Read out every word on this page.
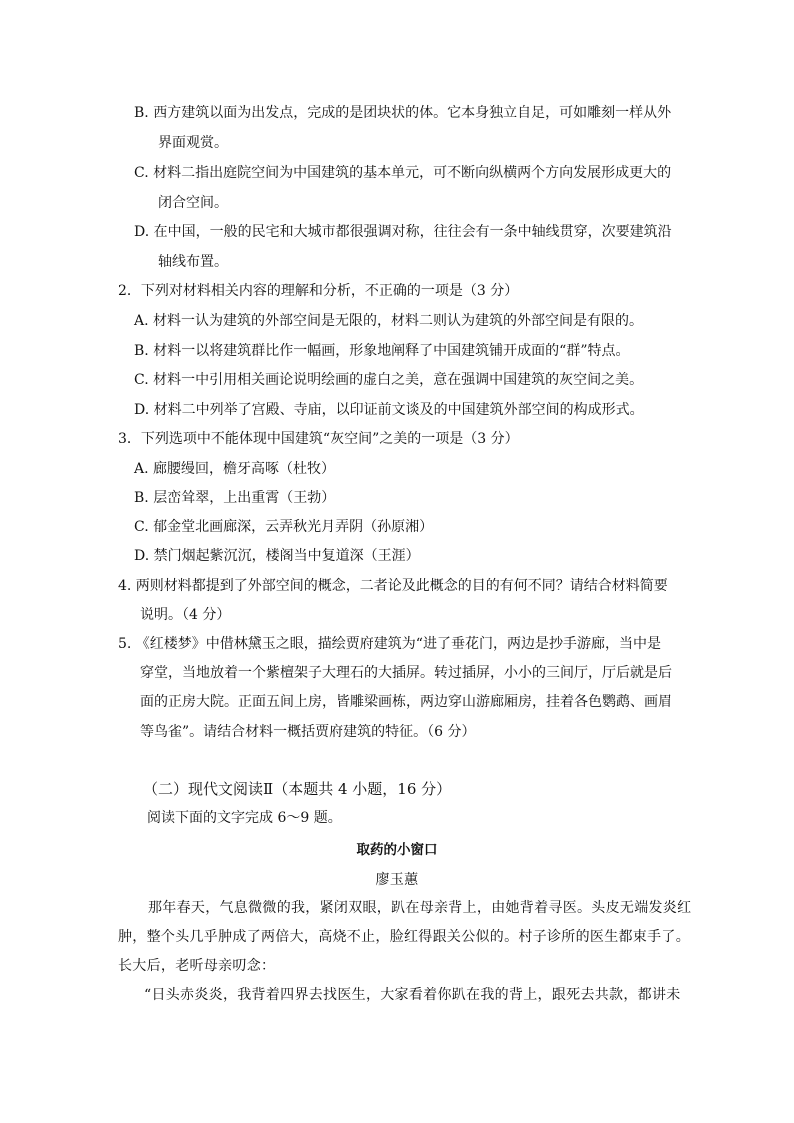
B. 西方建筑以面为出发点，完成的是团块状的体。它本身独立自足，可如雕刻一样从外
界面观赏。
C. 材料二指出庭院空间为中国建筑的基本单元，可不断向纵横两个方向发展形成更大的
闭合空间。
D. 在中国，一般的民宅和大城市都很强调对称，往往会有一条中轴线贯穿，次要建筑沿
轴线布置。
2．下列对材料相关内容的理解和分析，不正确的一项是（3 分）
A. 材料一认为建筑的外部空间是无限的，材料二则认为建筑的外部空间是有限的。
B. 材料一以将建筑群比作一幅画，形象地阐释了中国建筑铺开成面的“群”特点。
C. 材料一中引用相关画论说明绘画的虚白之美，意在强调中国建筑的灰空间之美。
D. 材料二中列举了宫殿、寺庙，以印证前文谈及的中国建筑外部空间的构成形式。
3．下列选项中不能体现中国建筑“灰空间”之美的一项是（3 分）
A. 廊腰缦回，檐牙高啄（杜牧）
B. 层峦耸翠，上出重霄（王勃）
C. 郁金堂北画廊深，云弄秋光月弄阴（孙原湘）
D. 禁门烟起紫沉沉，楼阁当中复道深（王涯）
4. 两则材料都提到了外部空间的概念，二者论及此概念的目的有何不同？请结合材料简要
说明。（4 分）
5. 《红楼梦》中借林黛玉之眼，描绘贾府建筑为“进了垂花门，两边是抄手游廊，当中是
穿堂，当地放着一个紫檀架子大理石的大插屏。转过插屏，小小的三间厅，厅后就是后
面的正房大院。正面五间上房，皆雕梁画栋，两边穿山游廊厢房，挂着各色鹦鹉、画眉
等鸟雀”。请结合材料一概括贾府建筑的特征。（6 分）
（二）现代文阅读Ⅱ（本题共 4 小题，16 分）
阅读下面的文字完成 6～9 题。
取药的小窗口
廖玉蕙
那年春天，气息微微的我，紧闭双眼，趴在母亲背上，由她背着寻医。头皮无端发炎红
肿，整个头几乎肿成了两倍大，高烧不止，脸红得跟关公似的。村子诊所的医生都束手了。
长大后，老听母亲叨念：
“日头赤炎炎，我背着四界去找医生，大家看着你趴在我的背上，跟死去共款，都讲未
